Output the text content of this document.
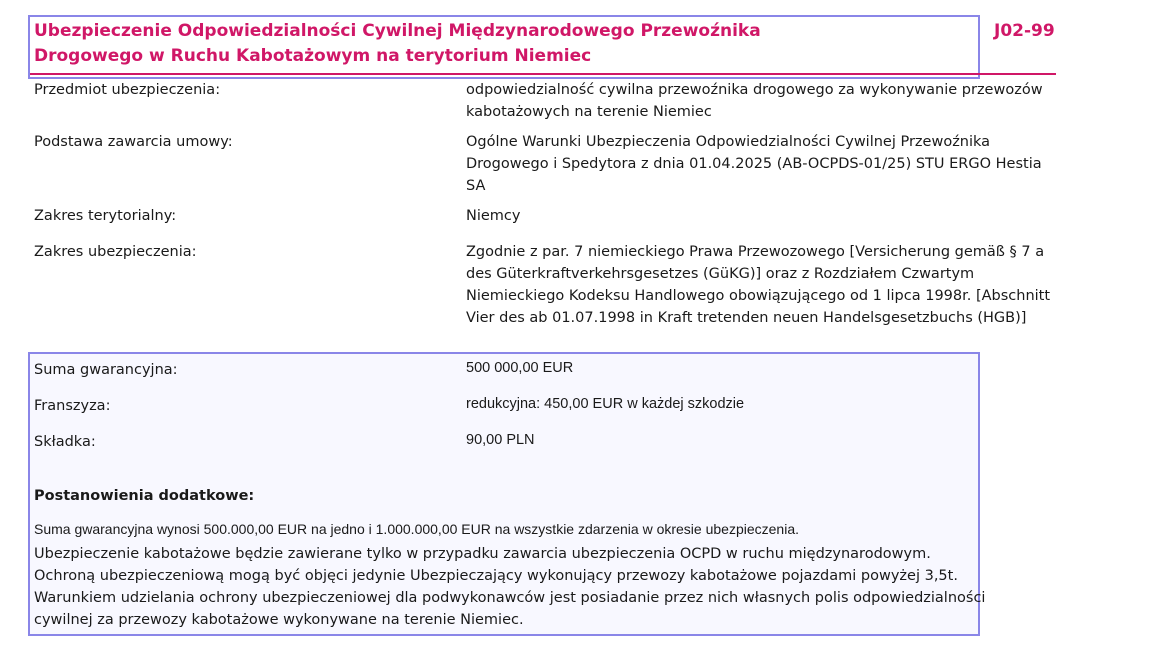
Ubezpieczenie Odpowiedzialności Cywilnej Międzynarodowego Przewoźnika
Drogowego w Ruchu Kabotażowym na terytorium Niemiec
J02-99
Przedmiot ubezpieczenia:	odpowiedzialność cywilna przewoźnika drogowego za wykonywanie przewozów kabotażowych na terenie Niemiec
Podstawa zawarcia umowy:	Ogólne Warunki Ubezpieczenia Odpowiedzialności Cywilnej Przewoźnika Drogowego i Spedytora z dnia 01.04.2025 (AB-OCPDS-01/25) STU ERGO Hestia SA
Zakres terytorialny:	Niemcy
Zakres ubezpieczenia:	Zgodnie z par. 7 niemieckiego Prawa Przewozowego [Versicherung gemäß § 7 a des Güterkraftverkehrsgesetzes (GüKG)] oraz z Rozdziałem Czwartym Niemieckiego Kodeksu Handlowego obowiązującego od 1 lipca 1998r. [Abschnitt Vier des ab 01.07.1998 in Kraft tretenden neuen Handelsgesetzbuchs (HGB)]
Suma gwarancyjna:	500 000,00 EUR
Franszyza:	redukcyjna: 450,00 EUR w każdej szkodzie
Składka:	90,00 PLN
Postanowienia dodatkowe:
Suma gwarancyjna wynosi 500.000,00 EUR na jedno i 1.000.000,00 EUR na wszystkie zdarzenia w okresie ubezpieczenia.

Ubezpieczenie kabotażowe będzie zawierane tylko w przypadku zawarcia ubezpieczenia OCPD w ruchu międzynarodowym.

Ochroną ubezpieczeniową mogą być objęci jedynie Ubezpieczający wykonujący przewozy kabotażowe pojazdami powyżej 3,5t.

Warunkiem udzielania ochrony ubezpieczeniowej dla podwykonawców jest posiadanie przez nich własnych polis odpowiedzialności cywilnej za przewozy kabotażowe wykonywane na terenie Niemiec.
